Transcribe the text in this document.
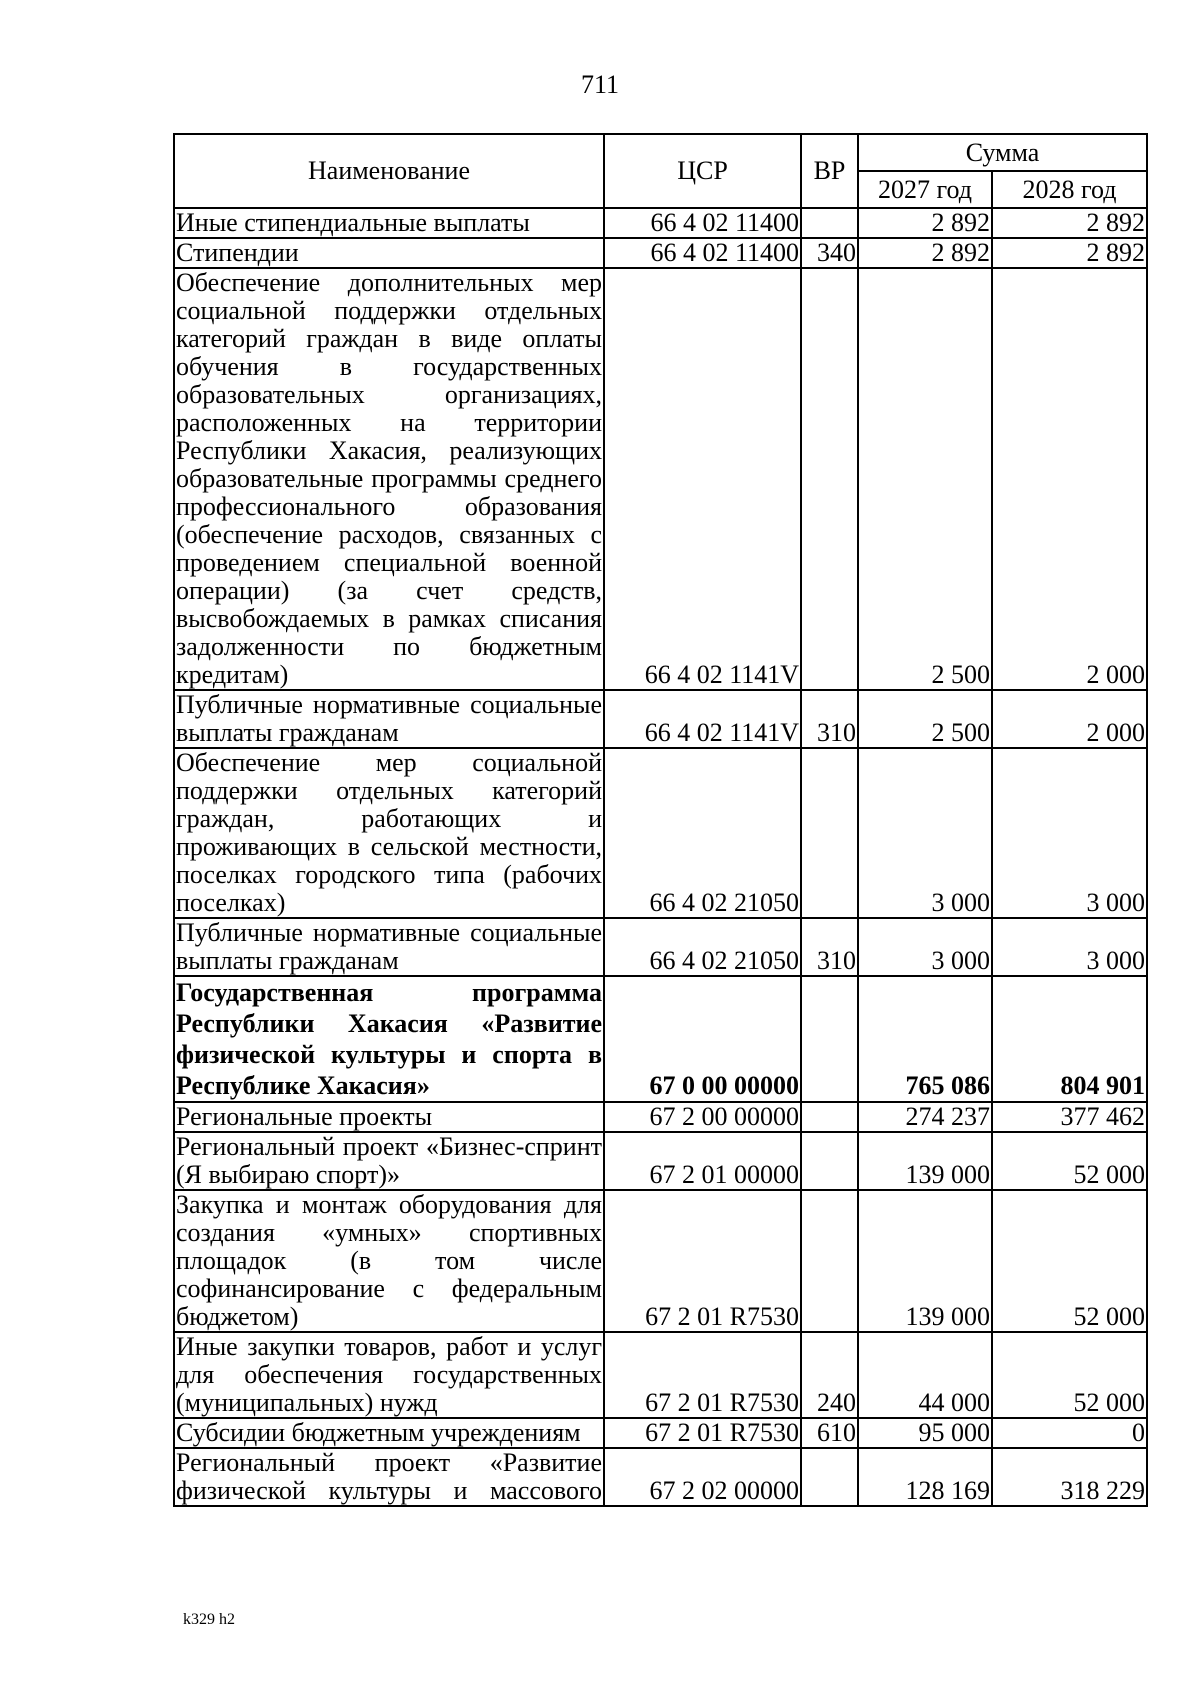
711
Наименование	ЦСР	ВР	Сумма	
			2027 год	2028 год
Иные стипендиальные выплаты	66 4 02 11400		2 892	2 892
Стипендии	66 4 02 11400	340	2 892	2 892
Обеспечение дополнительных мер социальной поддержки отдельных категорий граждан в виде оплаты обучения в государственных образовательных организациях, расположенных на территории Республики Хакасия, реализующих образовательные программы среднего профессионального образования (обеспечение расходов, связанных с проведением специальной военной операции) (за счет средств, высвобождаемых в рамках списания задолженности по бюджетным кредитам)	66 4 02 1141V		2 500	2 000
Публичные нормативные социальные выплаты гражданам	66 4 02 1141V	310	2 500	2 000
Обеспечение мер социальной поддержки отдельных категорий граждан, работающих и проживающих в сельской местности, поселках городского типа (рабочих поселках)	66 4 02 21050		3 000	3 000
Публичные нормативные социальные выплаты гражданам	66 4 02 21050	310	3 000	3 000
Государственная программа Республики Хакасия «Развитие физической культуры и спорта в Республике Хакасия»	67 0 00 00000		765 086	804 901
Региональные проекты	67 2 00 00000		274 237	377 462
Региональный проект «Бизнес-спринт (Я выбираю спорт)»	67 2 01 00000		139 000	52 000
Закупка и монтаж оборудования для создания «умных» спортивных площадок (в том числе софинансирование с федеральным бюджетом)	67 2 01 R7530		139 000	52 000
Иные закупки товаров, работ и услуг для обеспечения государственных (муниципальных) нужд	67 2 01 R7530	240	44 000	52 000
Субсидии бюджетным учреждениям	67 2 01 R7530	610	95 000	0
Региональный проект «Развитие физической культуры и массового	67 2 02 00000		128 169	318 229
k329 h2
